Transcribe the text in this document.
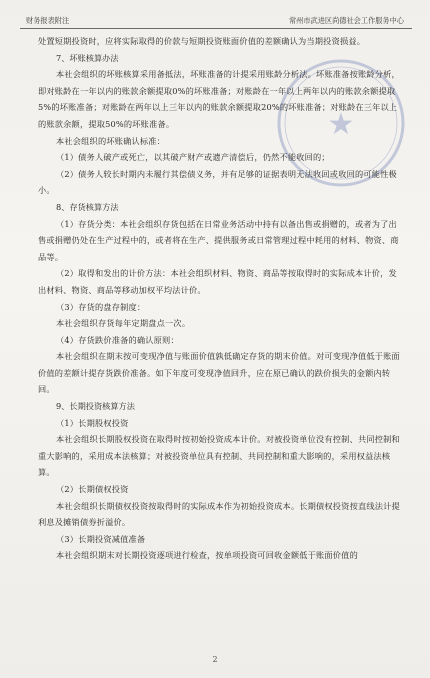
财务报表附注	常州市武进区尚德社会工作服务中心
★

处置短期投资时，应将实际取得的价款与短期投资账面价值的差额确认为当期投资损益。

7、坏账核算办法

本社会组织的坏账核算采用备抵法，坏账准备的计提采用账龄分析法。坏账准备按账龄分析，即对账龄在一年以内的账款余额提取0%的坏账准备；对账龄在一年以上两年以内的账款余额提取5%的坏账准备；对账龄在两年以上三年以内的账款余额提取20%的坏账准备；对账龄在三年以上的账款余额，提取50%的坏账准备。

本社会组织的坏账确认标准：

（1）债务人破产或死亡，以其破产财产或遗产清偿后，仍然不能收回的；

（2）债务人较长时期内未履行其偿债义务，并有足够的证据表明无法收回或收回的可能性极小。

8、存货核算方法

（1）存货分类：本社会组织存货包括在日常业务活动中持有以备出售或捐赠的，或者为了出售或捐赠仍处在生产过程中的，或者将在生产、提供服务或日常管理过程中耗用的材料、物资、商品等。

（2）取得和发出的计价方法：本社会组织材料、物资、商品等按取得时的实际成本计价，发出材料、物资、商品等移动加权平均法计价。

（3）存货的盘存制度：

本社会组织存货每年定期盘点一次。

（4）存货跌价准备的确认原则：

本社会组织在期末按可变现净值与账面价值孰低确定存货的期末价值。对可变现净值低于账面价值的差额计提存货跌价准备。如下年度可变现净值回升，应在原已确认的跌价损失的金额内转回。

9、长期投资核算方法

（1）长期股权投资

本社会组织长期股权投资在取得时按初始投资成本计价。对被投资单位没有控制、共同控制和重大影响的，采用成本法核算；对被投资单位具有控制、共同控制和重大影响的，采用权益法核算。

（2）长期债权投资

本社会组织长期债权投资按取得时的实际成本作为初始投资成本。长期债权投资按直线法计提利息及摊销债券折溢价。

（3）长期投资减值准备

本社会组织期末对长期投资逐项进行检查，按单项投资可回收金额低于账面价值的

2
